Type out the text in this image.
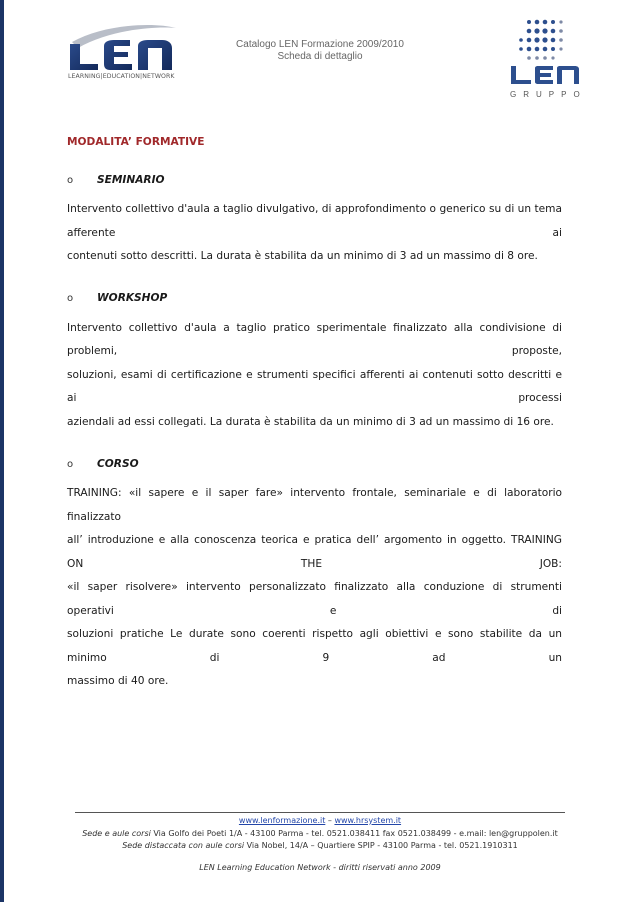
LEARNING|EDUCATION|NETWORK
Catalogo LEN Formazione 2009/2010
Scheda di dettaglio
GRUPPO
MODALITA’ FORMATIVE
o	SEMINARIO

Intervento collettivo d'aula a taglio divulgativo, di approfondimento o generico su di un tema afferente ai

contenuti sotto descritti. La durata è stabilita da un minimo di 3 ad un massimo di 8 ore.

o	WORKSHOP

Intervento collettivo d'aula a taglio pratico sperimentale finalizzato alla condivisione di problemi, proposte,

soluzioni, esami di certificazione e strumenti specifici afferenti ai contenuti sotto descritti e ai processi

aziendali ad essi collegati. La durata è stabilita da un minimo di 3 ad un massimo di 16 ore.

o	CORSO

TRAINING: «il sapere e il saper fare» intervento frontale, seminariale e di laboratorio finalizzato

all’ introduzione e alla conoscenza teorica e pratica dell’ argomento in oggetto. TRAINING ON THE JOB:

«il saper risolvere» intervento personalizzato finalizzato alla conduzione di strumenti operativi e di

soluzioni pratiche Le durate sono coerenti rispetto agli obiettivi e sono stabilite da un minimo di 9 ad un

massimo di 40 ore.

www.lenformazione.it – www.hrsystem.it
Sede e aule corsi Via Golfo dei Poeti 1/A - 43100 Parma - tel. 0521.038411 fax 0521.038499 - e.mail: len@gruppolen.it
Sede distaccata con aule corsi Via Nobel, 14/A – Quartiere SPIP - 43100 Parma - tel. 0521.1910311
LEN Learning Education Network - diritti riservati anno 2009
